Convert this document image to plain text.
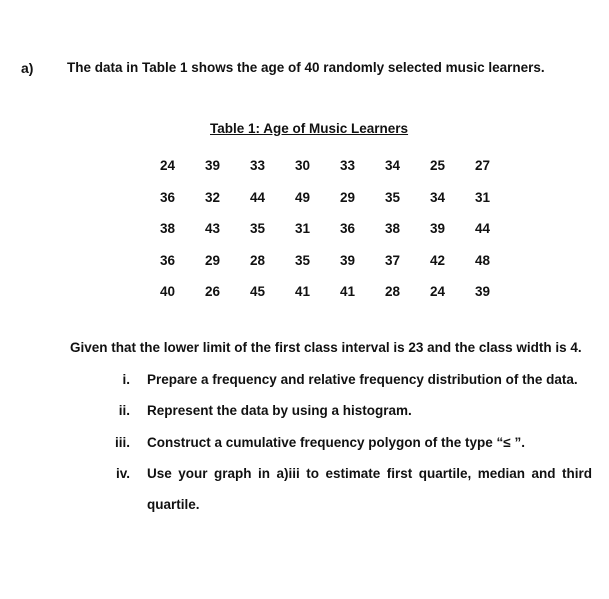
a) The data in Table 1 shows the age of 40 randomly selected music learners.
Table 1: Age of Music Learners
24	39	33	30	33	34	25	27
36	32	44	49	29	35	34	31
38	43	35	31	36	38	39	44
36	29	28	35	39	37	42	48
40	26	45	41	41	28	24	39
Given that the lower limit of the first class interval is 23 and the class width is 4.
i. Prepare a frequency and relative frequency distribution of the data.
ii. Represent the data by using a histogram.
iii. Construct a cumulative frequency polygon of the type “≤ ”.
iv. Use your graph in a)iii to estimate first quartile, median and third
quartile.
